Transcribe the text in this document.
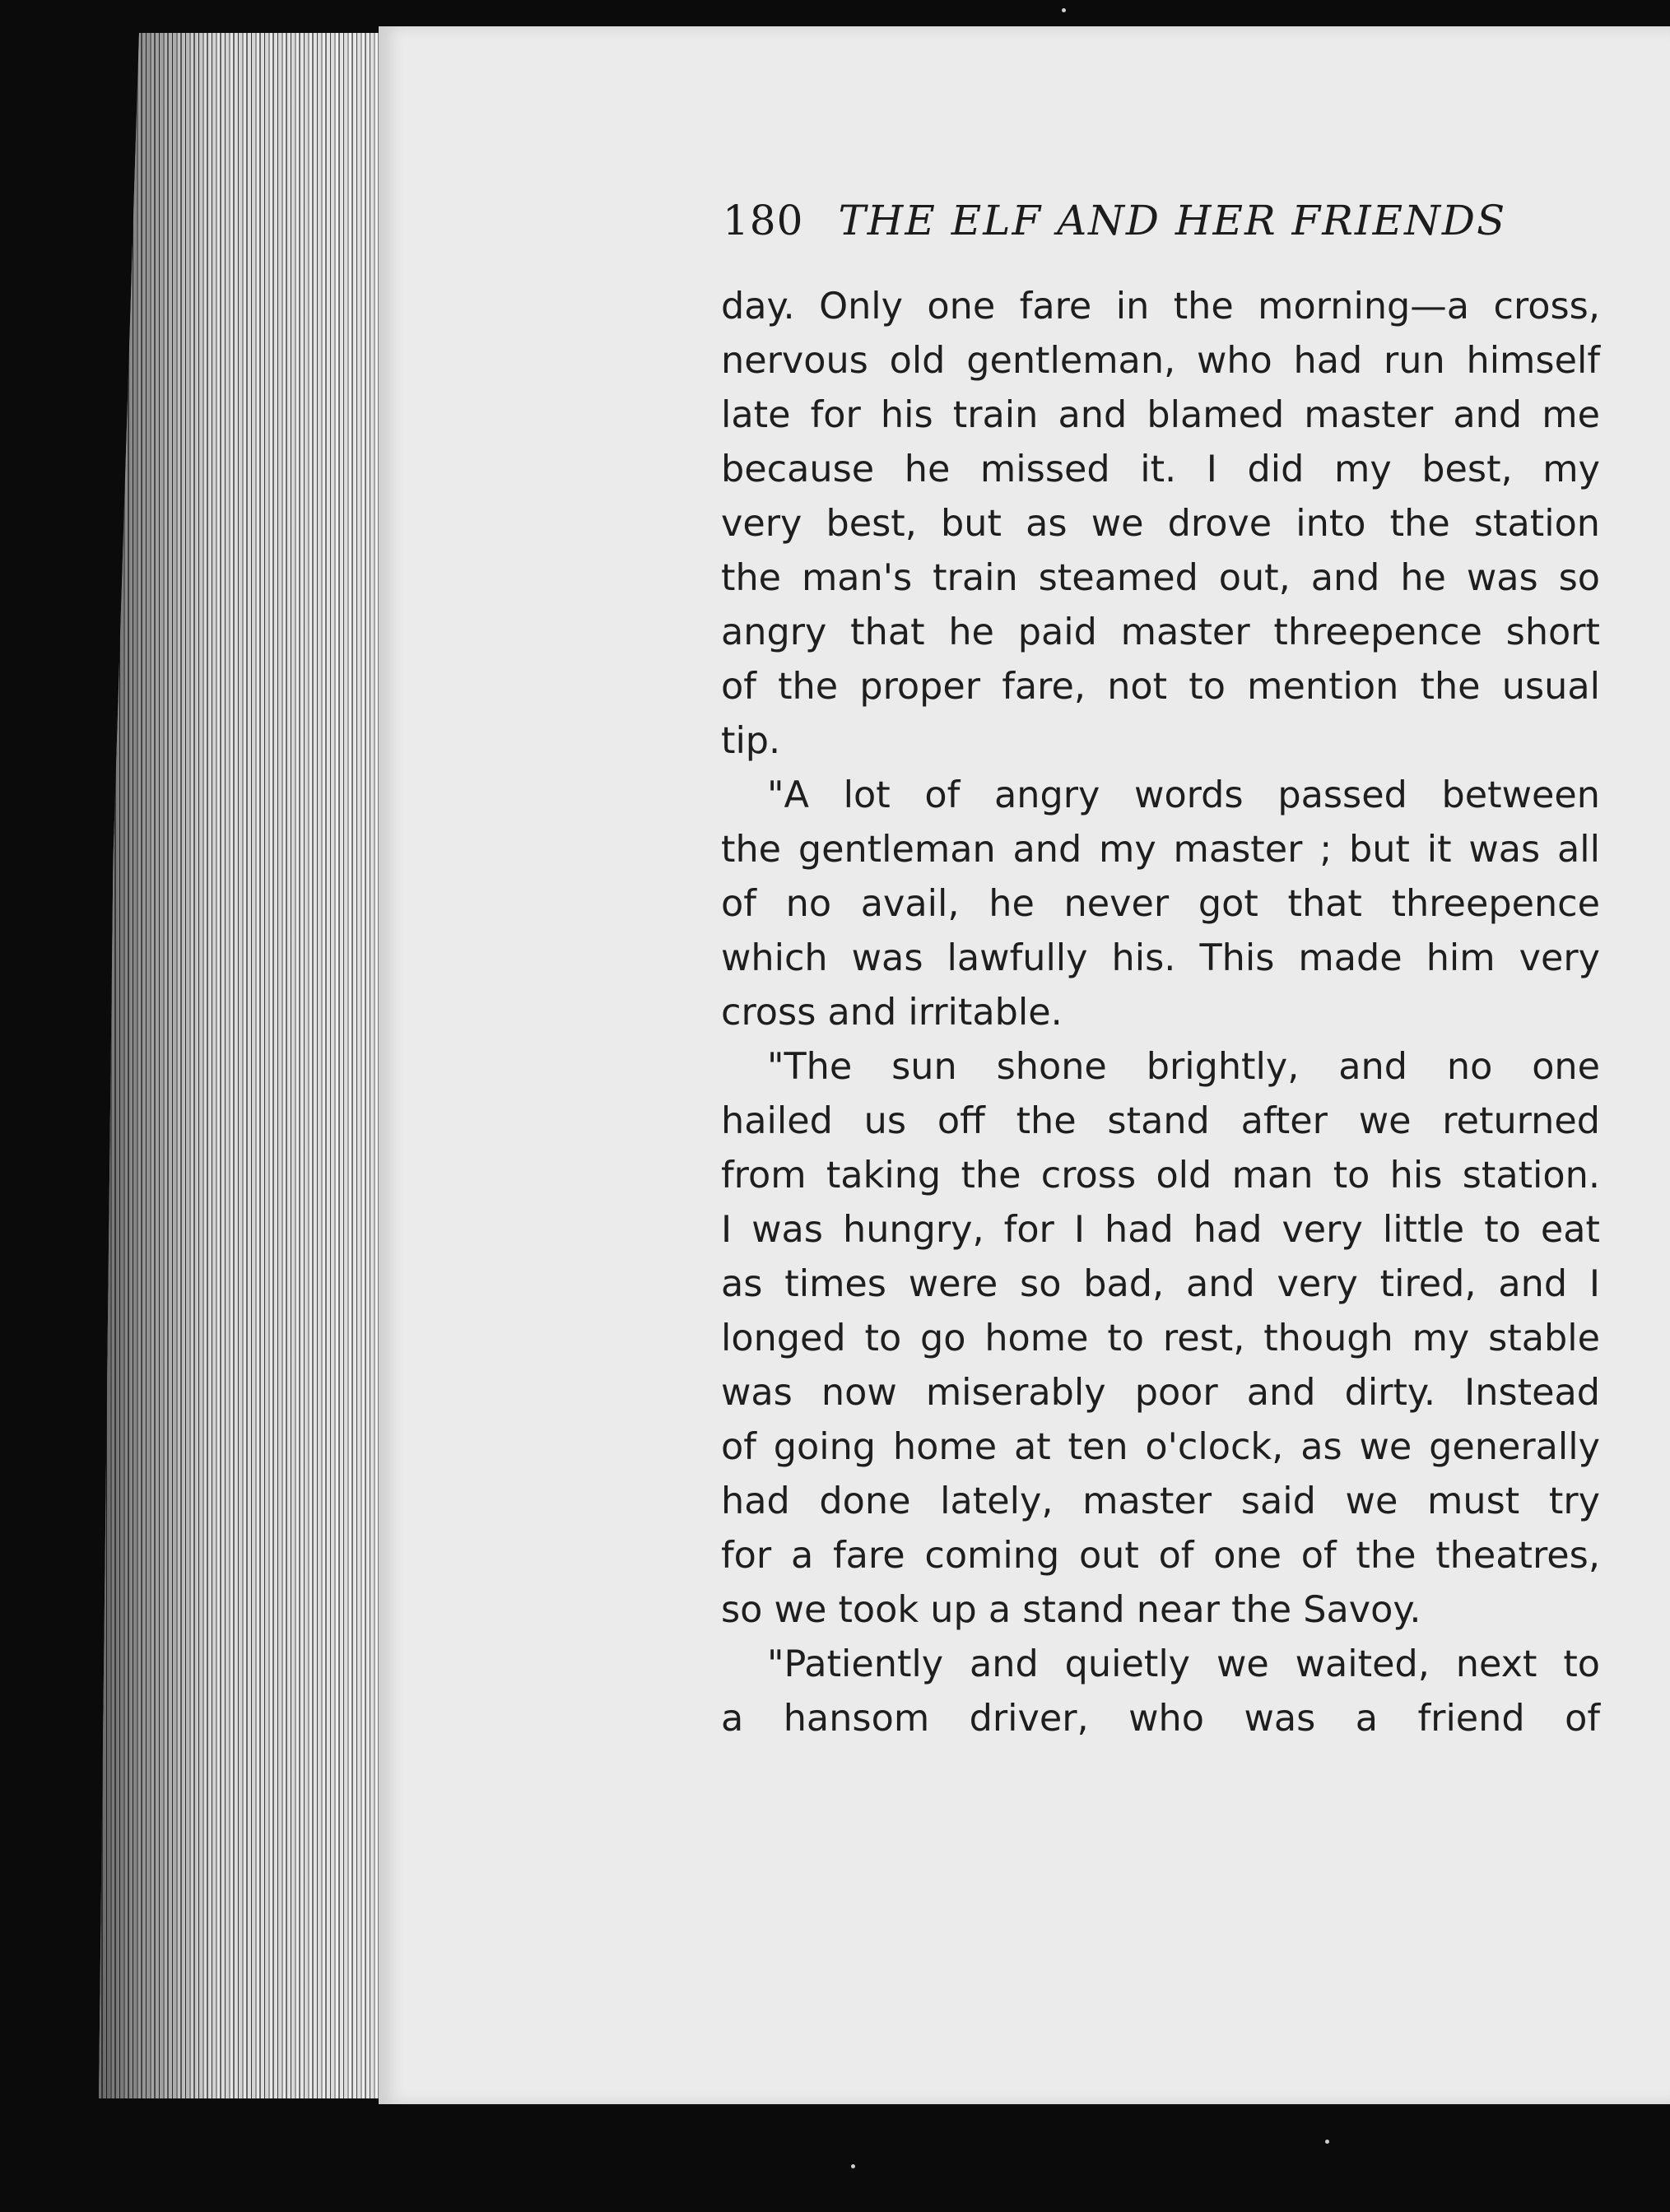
180 THE ELF AND HER FRIENDS
day. Only one fare in the morning—a cross,
nervous old gentleman, who had run himself
late for his train and blamed master and me
because he missed it. I did my best, my
very best, but as we drove into the station
the man's train steamed out, and he was so
angry that he paid master threepence short
of the proper fare, not to mention the usual
tip.
"A lot of angry words passed between
the gentleman and my master ; but it was all
of no avail, he never got that threepence
which was lawfully his. This made him very
cross and irritable.
"The sun shone brightly, and no one
hailed us off the stand after we returned
from taking the cross old man to his station.
I was hungry, for I had had very little to eat
as times were so bad, and very tired, and I
longed to go home to rest, though my stable
was now miserably poor and dirty. Instead
of going home at ten o'clock, as we generally
had done lately, master said we must try
for a fare coming out of one of the theatres,
so we took up a stand near the Savoy.
"Patiently and quietly we waited, next to
a hansom driver, who was a friend of
